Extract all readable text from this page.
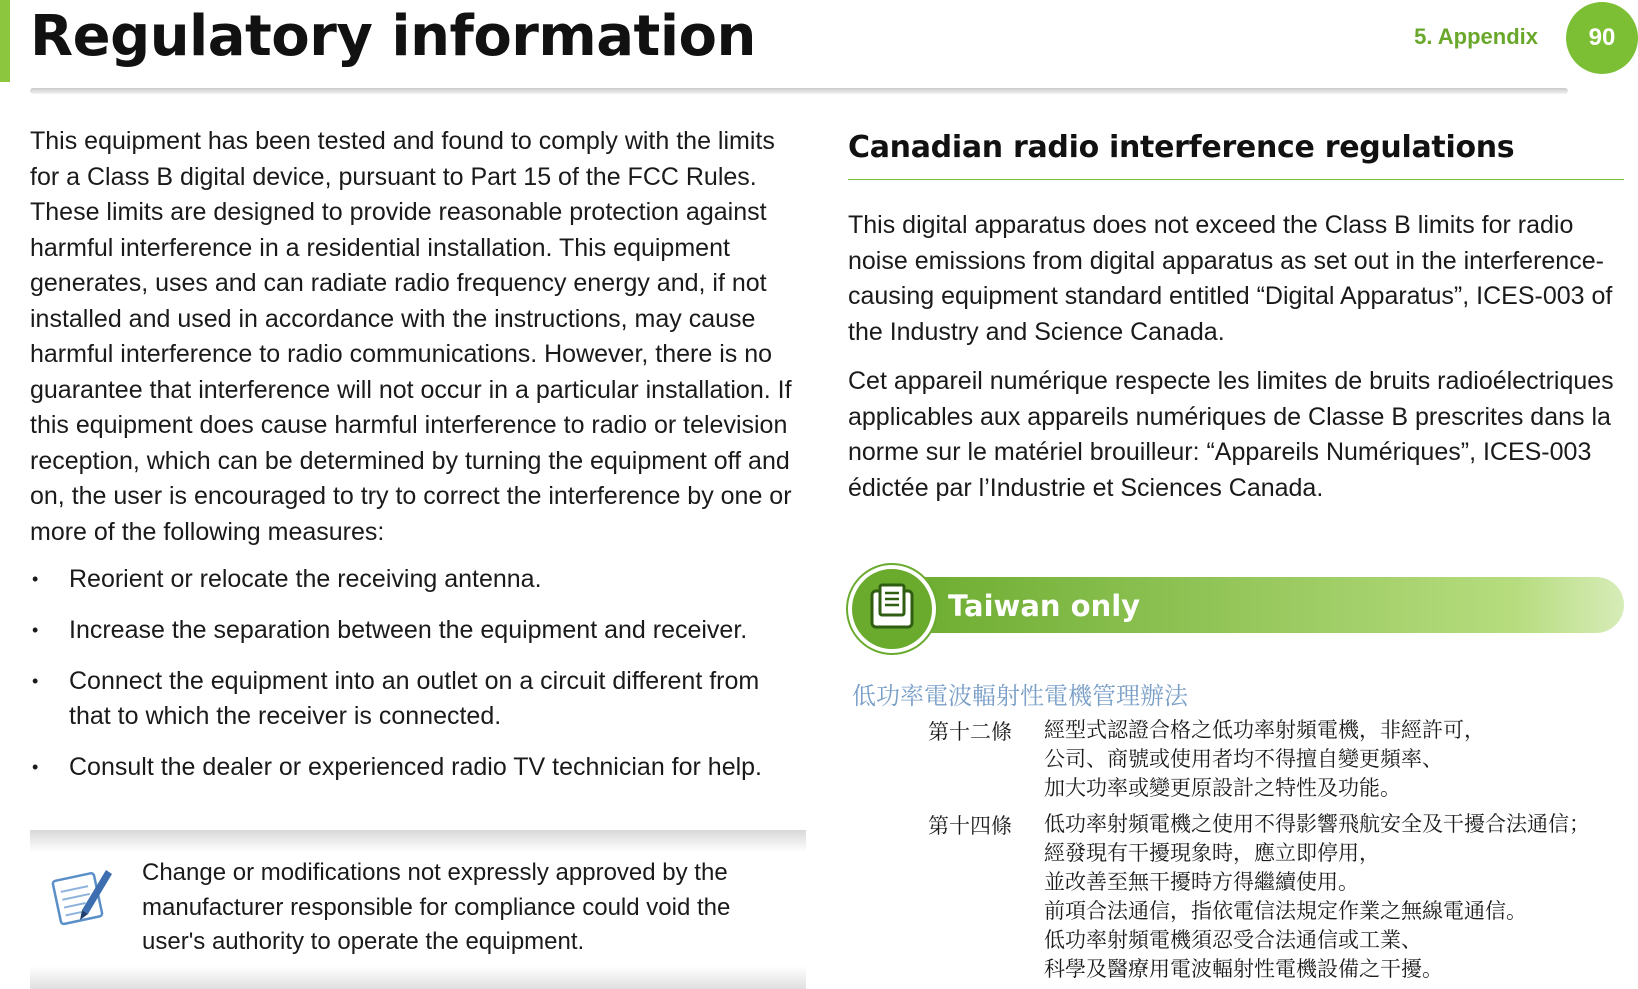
Regulatory information	5. Appendix	90

This equipment has been tested and found to comply with the limits for a Class B digital device, pursuant to Part 15 of the FCC Rules. These limits are designed to provide reasonable protection against harmful interference in a residential installation. This equipment generates, uses and can radiate radio frequency energy and, if not installed and used in accordance with the instructions, may cause harmful interference to radio communications. However, there is no guarantee that interference will not occur in a particular installation. If this equipment does cause harmful interference to radio or television reception, which can be determined by turning the equipment off and on, the user is encouraged to try to correct the interference by one or more of the following measures:

• Reorient or relocate the receiving antenna.
• Increase the separation between the equipment and receiver.
• Connect the equipment into an outlet on a circuit different from that to which the receiver is connected.
• Consult the dealer or experienced radio TV technician for help.

Change or modifications not expressly approved by the manufacturer responsible for compliance could void the user's authority to operate the equipment.

Canadian radio interference regulations

This digital apparatus does not exceed the Class B limits for radio noise emissions from digital apparatus as set out in the interference-causing equipment standard entitled “Digital Apparatus”, ICES-003 of the Industry and Science Canada.

Cet appareil numérique respecte les limites de bruits radioélectriques applicables aux appareils numériques de Classe B prescrites dans la norme sur le matériel brouilleur: “Appareils Numériques”, ICES-003 édictée par l’Industrie et Sciences Canada.

Taiwan only
低功率電波輻射性電機管理辦法
第十二條	經型式認證合格之低功率射頻電機，非經許可，
公司、商號或使用者均不得擅自變更頻率、
加大功率或變更原設計之特性及功能。
第十四條	低功率射頻電機之使用不得影響飛航安全及干擾合法通信；
經發現有干擾現象時，應立即停用，
並改善至無干擾時方得繼續使用。
前項合法通信，指依電信法規定作業之無線電通信。
低功率射頻電機須忍受合法通信或工業、
科學及醫療用電波輻射性電機設備之干擾。
